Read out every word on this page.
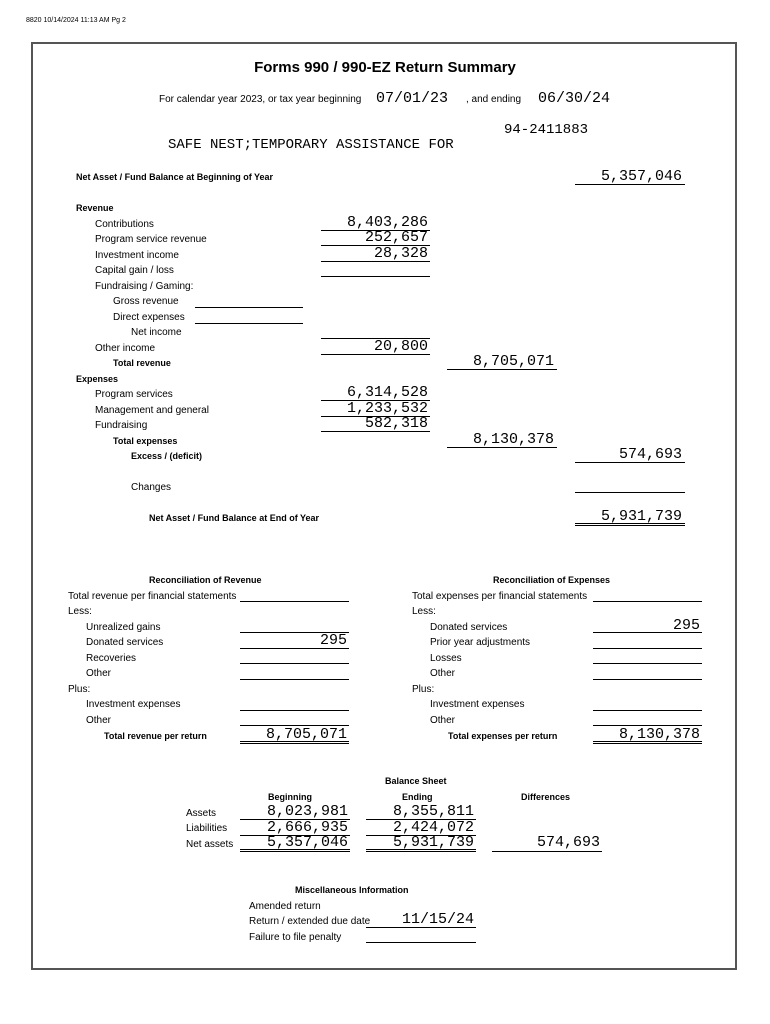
8820 10/14/2024 11:13 AM Pg 2
Forms 990 / 990-EZ Return Summary
For calendar year 2023, or tax year beginning 07/01/23 , and ending 06/30/24
94-2411883
SAFE NEST;TEMPORARY ASSISTANCE FOR
Net Asset / Fund Balance at Beginning of Year	5,357,046
Revenue
Contributions	8,403,286
Program service revenue	252,657
Investment income	28,328
Capital gain / loss
Fundraising / Gaming:
Gross revenue
Direct expenses
Net income
Other income	20,800
Total revenue	8,705,071
Expenses
Program services	6,314,528
Management and general	1,233,532
Fundraising	582,318
Total expenses	8,130,378
Excess / (deficit)	574,693
Changes
Net Asset / Fund Balance at End of Year	5,931,739
Reconciliation of Revenue
Total revenue per financial statements
Less:
Unrealized gains
Donated services	295
Recoveries
Other
Plus:
Investment expenses
Other
Total revenue per return	8,705,071
Reconciliation of Expenses
Total expenses per financial statements
Less:
Donated services	295
Prior year adjustments
Losses
Other
Plus:
Investment expenses
Other
Total expenses per return	8,130,378
Balance Sheet
Beginning	Ending	Differences
Assets	8,023,981	8,355,811
Liabilities	2,666,935	2,424,072
Net assets 5,357,046	5,931,739	574,693
Miscellaneous Information
Amended return
Return / extended due date 11/15/24
Failure to file penalty
